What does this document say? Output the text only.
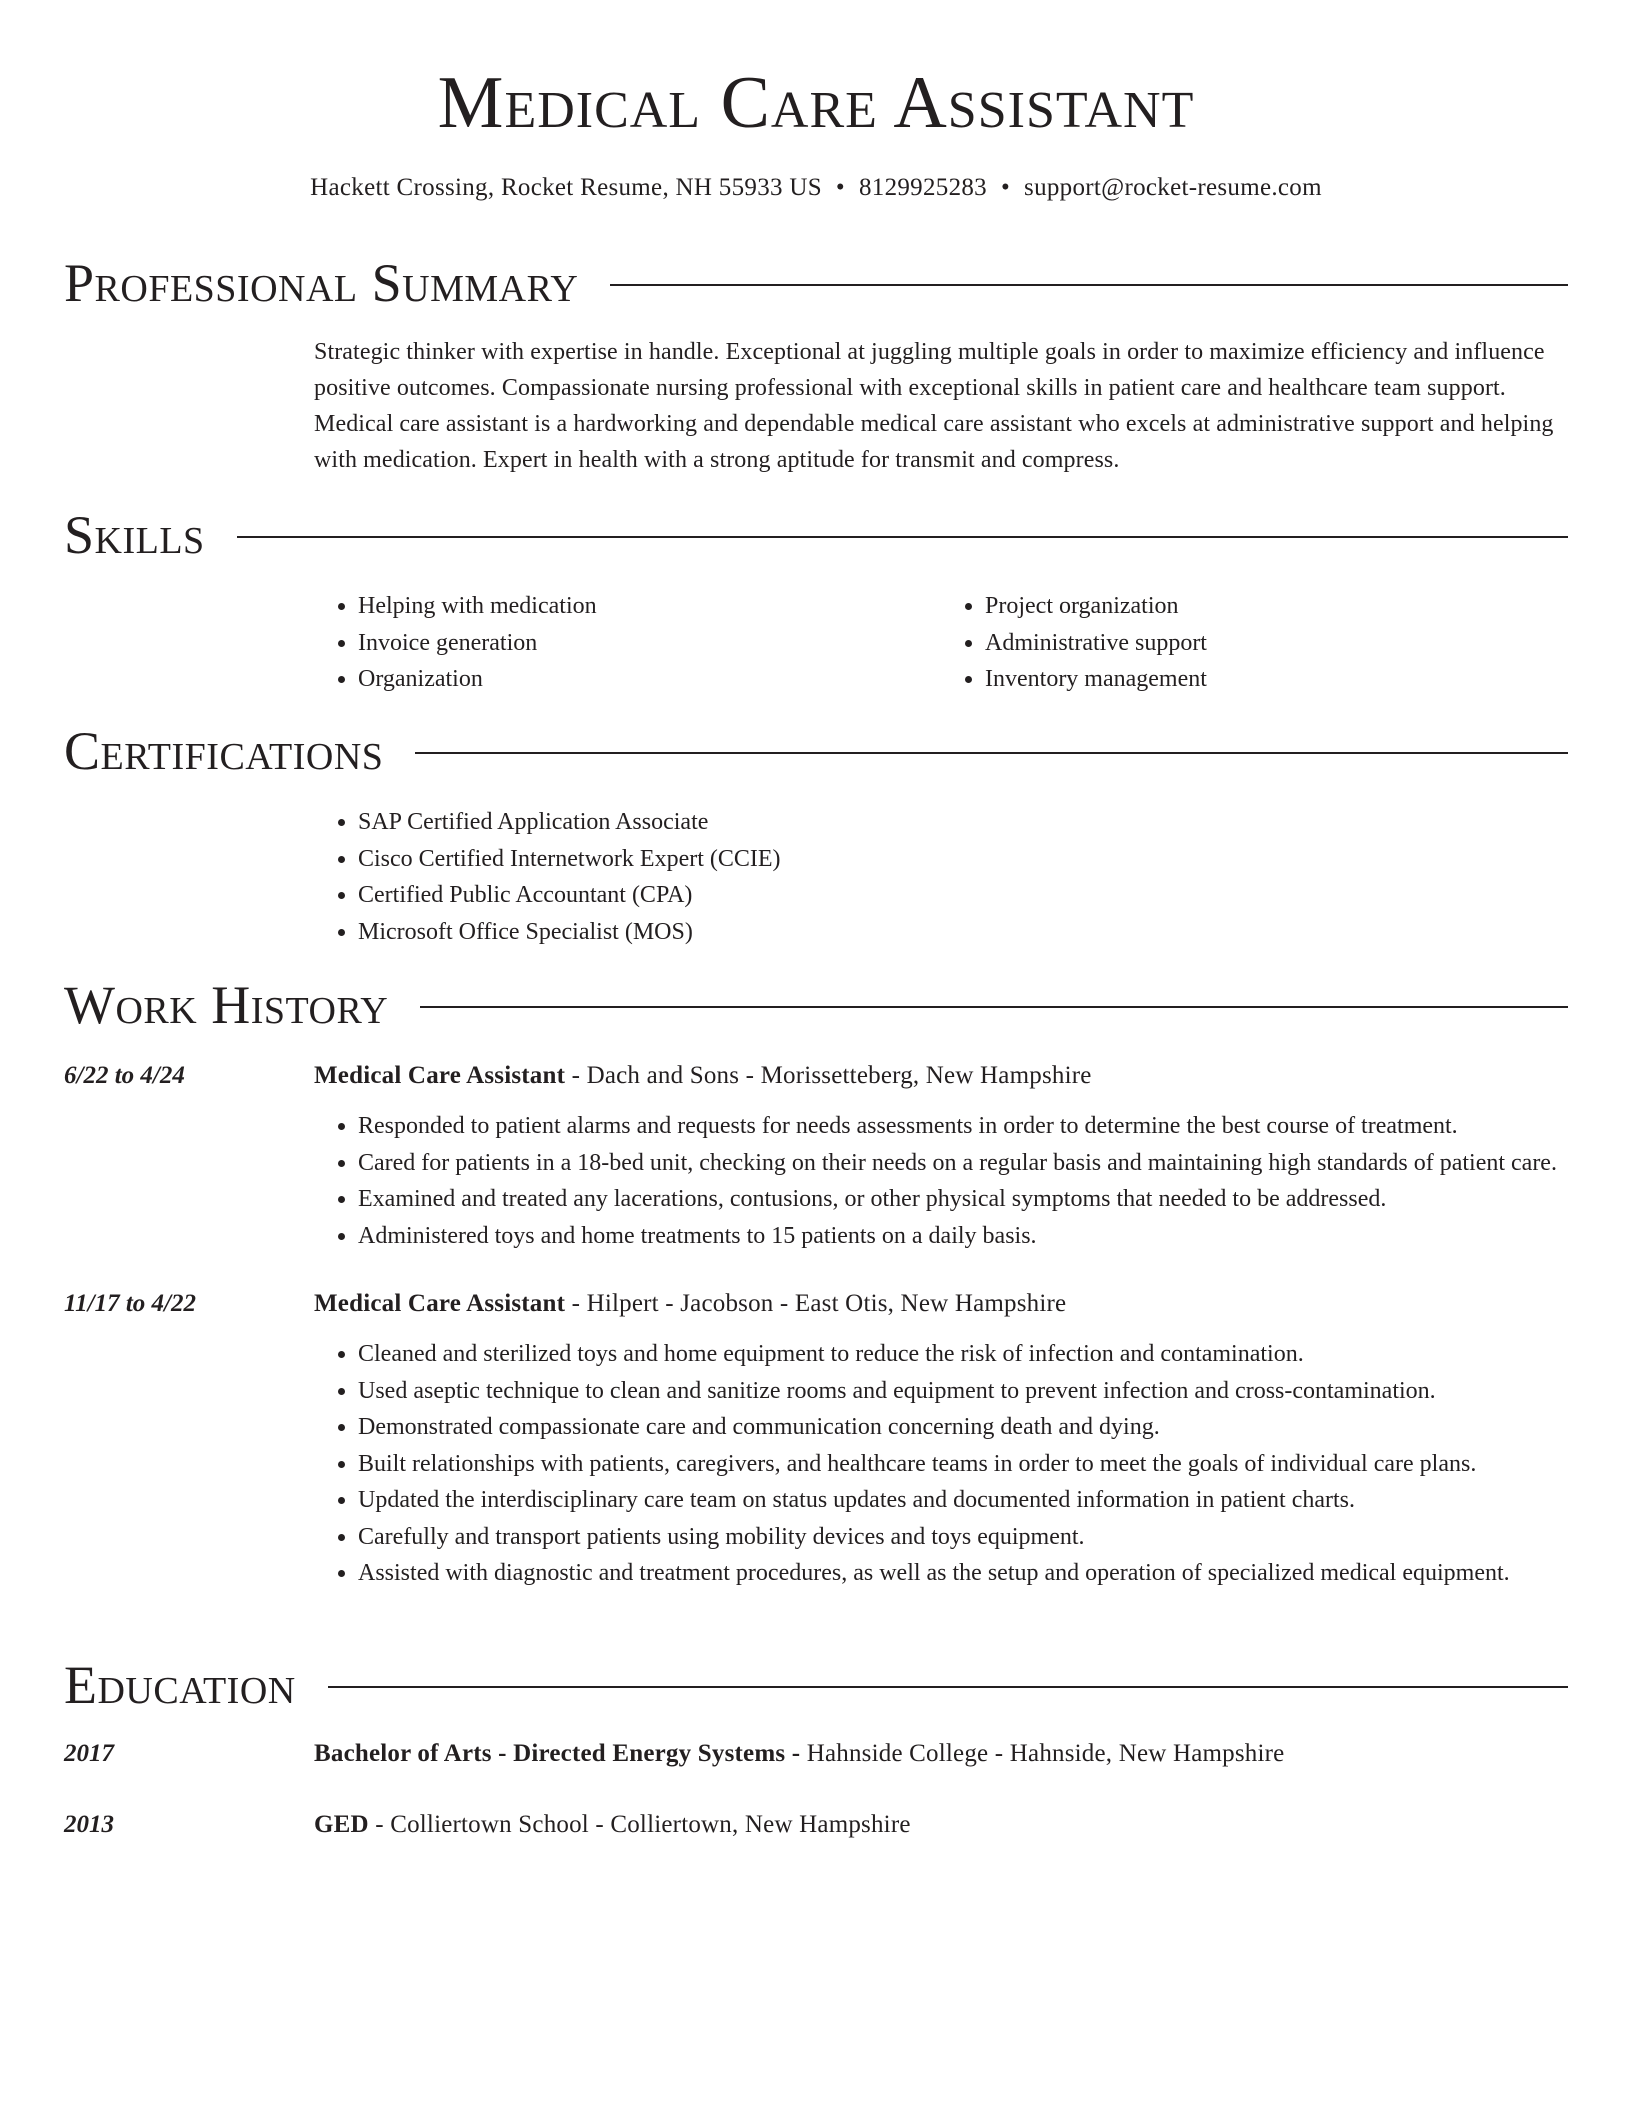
Medical Care Assistant
Hackett Crossing, Rocket Resume, NH 55933 US • 8129925283 • support@rocket-resume.com
Professional Summary

Strategic thinker with expertise in handle. Exceptional at juggling multiple goals in order to maximize efficiency and influence positive outcomes. Compassionate nursing professional with exceptional skills in patient care and healthcare team support. Medical care assistant is a hardworking and dependable medical care assistant who excels at administrative support and helping with medication. Expert in health with a strong aptitude for transmit and compress.

Skills
• Helping with medication
• Invoice generation
• Organization
• Project organization
• Administrative support
• Inventory management
Certifications
• SAP Certified Application Associate
• Cisco Certified Internetwork Expert (CCIE)
• Certified Public Accountant (CPA)
• Microsoft Office Specialist (MOS)
Work History
6/22 to 4/24	Medical Care Assistant - Dach and Sons - Morissetteberg, New Hampshire
• Responded to patient alarms and requests for needs assessments in order to determine the best course of treatment.
• Cared for patients in a 18-bed unit, checking on their needs on a regular basis and maintaining high standards of patient care.
• Examined and treated any lacerations, contusions, or other physical symptoms that needed to be addressed.
• Administered toys and home treatments to 15 patients on a daily basis.
11/17 to 4/22	Medical Care Assistant - Hilpert - Jacobson - East Otis, New Hampshire
• Cleaned and sterilized toys and home equipment to reduce the risk of infection and contamination.
• Used aseptic technique to clean and sanitize rooms and equipment to prevent infection and cross-contamination.
• Demonstrated compassionate care and communication concerning death and dying.
• Built relationships with patients, caregivers, and healthcare teams in order to meet the goals of individual care plans.
• Updated the interdisciplinary care team on status updates and documented information in patient charts.
• Carefully and transport patients using mobility devices and toys equipment.
• Assisted with diagnostic and treatment procedures, as well as the setup and operation of specialized medical equipment.
Education
2017	Bachelor of Arts - Directed Energy Systems - Hahnside College - Hahnside, New Hampshire
2013	GED - Colliertown School - Colliertown, New Hampshire
